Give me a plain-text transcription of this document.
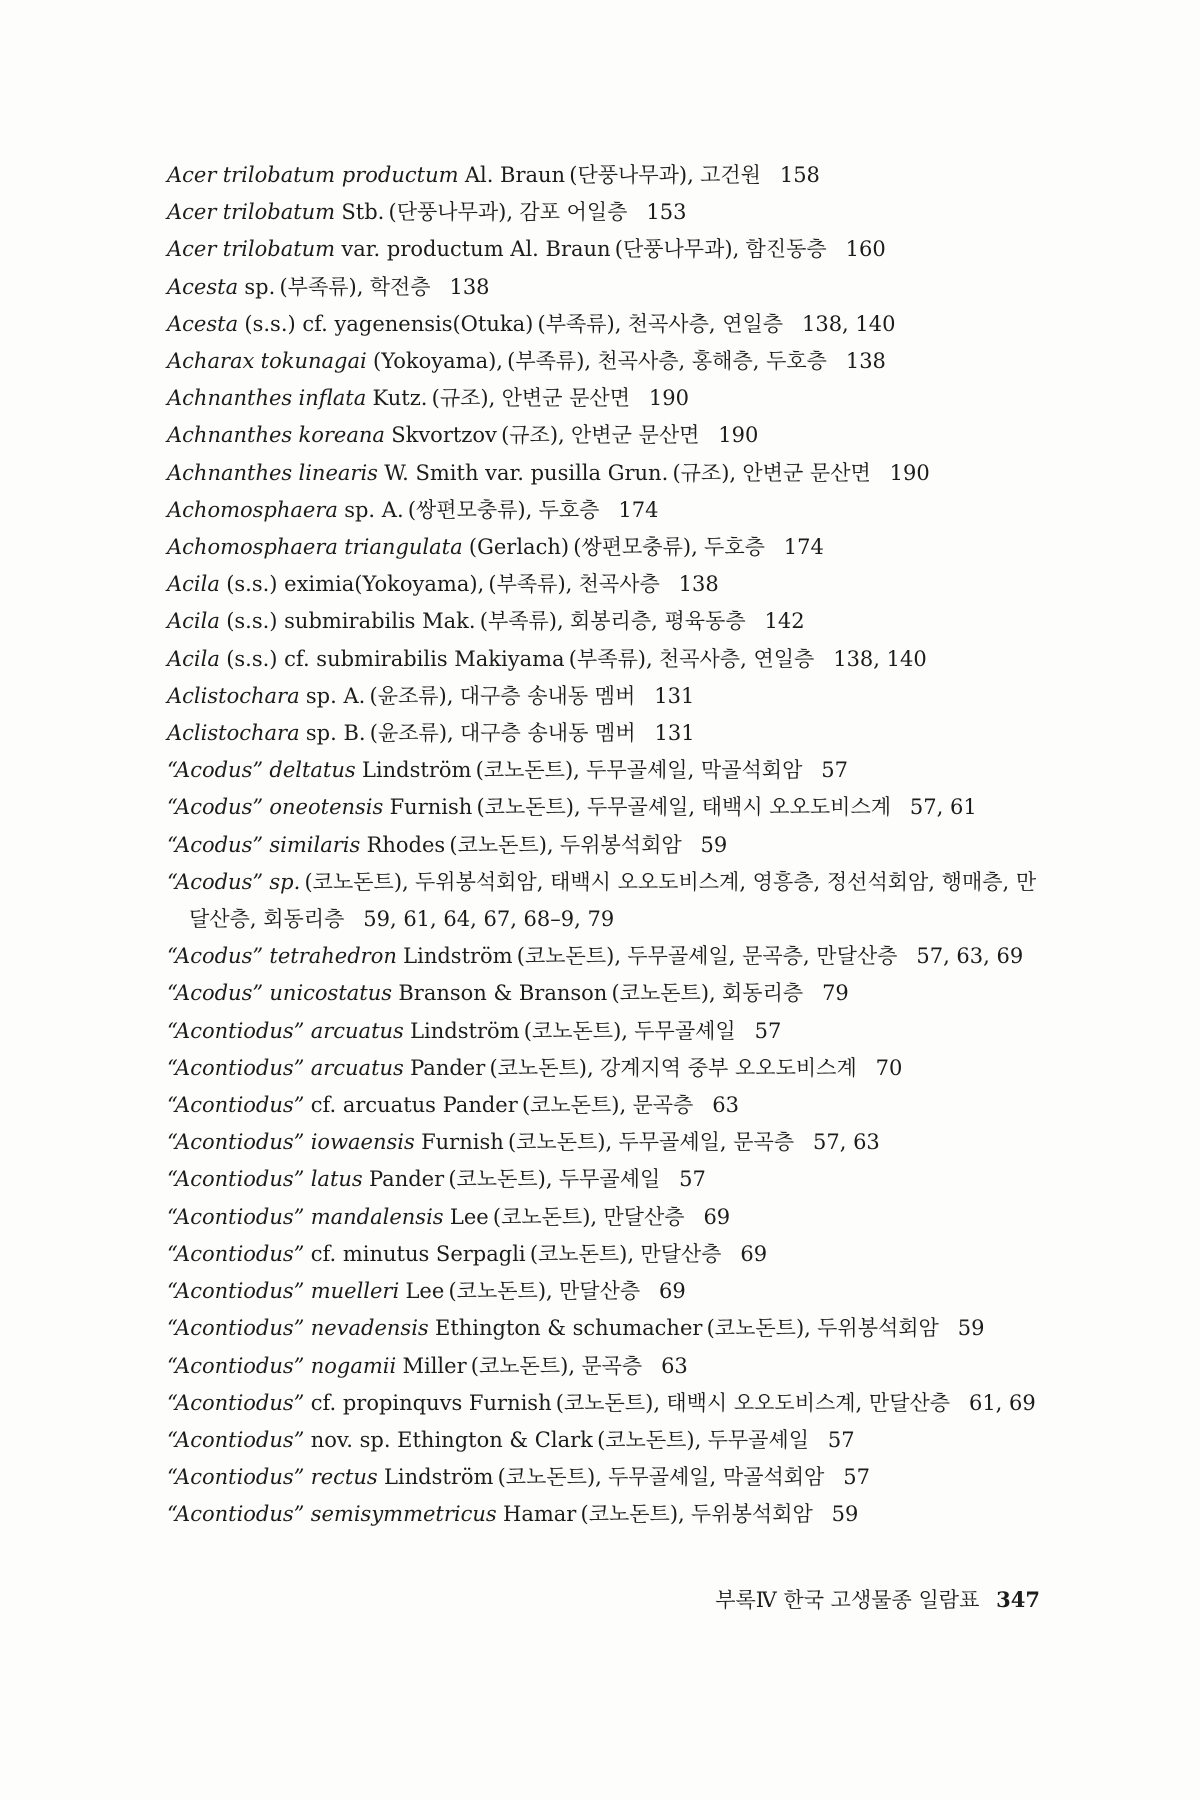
Acer trilobatum productum Al. Braun (단풍나무과), 고건원 158
Acer trilobatum Stb. (단풍나무과), 감포 어일층 153
Acer trilobatum var. productum Al. Braun (단풍나무과), 함진동층 160
Acesta sp. (부족류), 학전층 138
Acesta (s.s.) cf. yagenensis(Otuka) (부족류), 천곡사층, 연일층 138, 140
Acharax tokunagai (Yokoyama), (부족류), 천곡사층, 홍해층, 두호층 138
Achnanthes inflata Kutz. (규조), 안변군 문산면 190
Achnanthes koreana Skvortzov (규조), 안변군 문산면 190
Achnanthes linearis W. Smith var. pusilla Grun. (규조), 안변군 문산면 190
Achomosphaera sp. A. (쌍편모충류), 두호층 174
Achomosphaera triangulata (Gerlach) (쌍편모충류), 두호층 174
Acila (s.s.) eximia(Yokoyama), (부족류), 천곡사층 138
Acila (s.s.) submirabilis Mak. (부족류), 회봉리층, 평육동층 142
Acila (s.s.) cf. submirabilis Makiyama (부족류), 천곡사층, 연일층 138, 140
Aclistochara sp. A. (윤조류), 대구층 송내동 멤버 131
Aclistochara sp. B. (윤조류), 대구층 송내동 멤버 131
“Acodus” deltatus Lindström (코노돈트), 두무골셰일, 막골석회암 57
“Acodus” oneotensis Furnish (코노돈트), 두무골셰일, 태백시 오오도비스계 57, 61
“Acodus” similaris Rhodes (코노돈트), 두위봉석회암 59
“Acodus” sp. (코노돈트), 두위봉석회암, 태백시 오오도비스계, 영흥층, 정선석회암, 행매층, 만달산층, 회동리층 59, 61, 64, 67, 68–9, 79
“Acodus” tetrahedron Lindström (코노돈트), 두무골셰일, 문곡층, 만달산층 57, 63, 69
“Acodus” unicostatus Branson & Branson (코노돈트), 회동리층 79
“Acontiodus” arcuatus Lindström (코노돈트), 두무골셰일 57
“Acontiodus” arcuatus Pander (코노돈트), 강계지역 중부 오오도비스계 70
“Acontiodus” cf. arcuatus Pander (코노돈트), 문곡층 63
“Acontiodus” iowaensis Furnish (코노돈트), 두무골셰일, 문곡층 57, 63
“Acontiodus” latus Pander (코노돈트), 두무골셰일 57
“Acontiodus” mandalensis Lee (코노돈트), 만달산층 69
“Acontiodus” cf. minutus Serpagli (코노돈트), 만달산층 69
“Acontiodus” muelleri Lee (코노돈트), 만달산층 69
“Acontiodus” nevadensis Ethington & schumacher (코노돈트), 두위봉석회암 59
“Acontiodus” nogamii Miller (코노돈트), 문곡층 63
“Acontiodus” cf. propinquvs Furnish (코노돈트), 태백시 오오도비스계, 만달산층 61, 69
“Acontiodus” nov. sp. Ethington & Clark (코노돈트), 두무골셰일 57
“Acontiodus” rectus Lindström (코노돈트), 두무골셰일, 막골석회암 57
“Acontiodus” semisymmetricus Hamar (코노돈트), 두위봉석회암 59
부록Ⅳ 한국 고생물종 일람표 347
